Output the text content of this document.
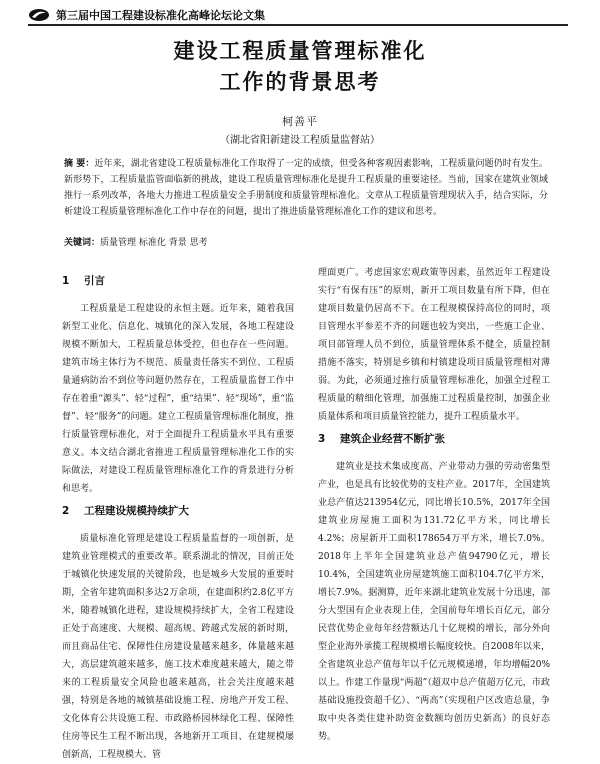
第三届中国工程建设标准化高峰论坛论文集
建设工程质量管理标准化
工作的背景思考
柯善平
（湖北省阳新建设工程质量监督站）
摘 要：近年来，湖北省建设工程质量标准化工作取得了一定的成绩，但受各种客观因素影响，工程质量问题仍时有发生。新形势下，工程质量监管面临新的挑战，建设工程质量管理标准化是提升工程质量的重要途径。当前，国家在建筑业领域推行一系列改革，各地大力推进工程质量安全手册制度和质量管理标准化。文章从工程质量管理现状入手，结合实际，分析建设工程质量管理标准化工作中存在的问题，提出了推进质量管理标准化工作的建议和思考。
关键词：质量管理 标准化 背景 思考
1 引言

工程质量是工程建设的永恒主题。近年来，随着我国新型工业化、信息化、城镇化的深入发展，各地工程建设规模不断加大，工程质量总体受控，但也存在一些问题。建筑市场主体行为不规范、质量责任落实不到位、工程质量通病防治不到位等问题仍然存在，工程质量监督工作中存在着重“源头”、轻“过程”，重“结果”、轻“现场”，重“监督”、轻“服务”的问题。建立工程质量管理标准化制度，推行质量管理标准化，对于全面提升工程质量水平具有重要意义。本文结合湖北省推进工程质量管理标准化工作的实际做法，对建设工程质量管理标准化工作的背景进行分析和思考。

2 工程建设规模持续扩大

质量标准化管理是建设工程质量监督的一项创新，是建筑业管理模式的重要改革。联系湖北的情况，目前正处于城镇化快速发展的关键阶段，也是城乡大发展的重要时期，全省年建筑面积多达2万余项，在建面积约2.8亿平方米，随着城镇化进程，建设规模持续扩大，全省工程建设正处于高速度、大规模、超高规、跨越式发展的新时期，而且商品住宅、保障性住房建设量越来越多，体量越来越大，高层建筑越来越多，施工技术难度越来越大，随之带来的工程质量安全风险也越来越高，社会关注度越来越强，特别是各地的城镇基础设施工程、房地产开发工程、文化体育公共设施工程、市政路桥园林绿化工程、保障性住房等民生工程不断出现，各地新开工项目、在建规模屡创新高，工程规模大、管

理面更广。考虑国家宏观政策等因素，虽然近年工程建设实行“有保有压”的原则，新开工项目数量有所下降，但在建项目数量仍居高不下。在工程规模保持高位的同时，项目管理水平参差不齐的问题也较为突出，一些施工企业、项目部管理人员不到位，质量管理体系不健全，质量控制措施不落实，特别是乡镇和村镇建设项目质量管理相对薄弱。为此，必须通过推行质量管理标准化，加强全过程工程质量的精细化管理，加强施工过程质量控制，加强企业质量体系和项目质量管控能力，提升工程质量水平。

3 建筑企业经营不断扩张

建筑业是技术集成度高、产业带动力强的劳动密集型产业，也是具有比较优势的支柱产业。2017年，全国建筑业总产值达213954亿元，同比增长10.5%，2017年全国建筑业房屋施工面积为131.72亿平方米，同比增长4.2%；房屋新开工面积178654万平方米，增长7.0%。2018年上半年全国建筑业总产值94790亿元，增长10.4%，全国建筑业房屋建筑施工面积104.7亿平方米，增长7.9%。据测算，近年来湖北建筑业发展十分迅速，部分大型国有企业表现上佳，全国前每年增长百亿元，部分民营优势企业每年经营额达几十亿规模的增长，部分外向型企业海外承揽工程规模增长幅度较快。自2008年以来，全省建筑业总产值每年以千亿元规模递增，年均增幅20%以上。作建工作量现“两超”（超双中总产值超万亿元，市政基础设施投资超千亿）、“两高”（实现租户区改造总量，争取中央各类住建补助资金数额均创历史新高）的良好态势。
